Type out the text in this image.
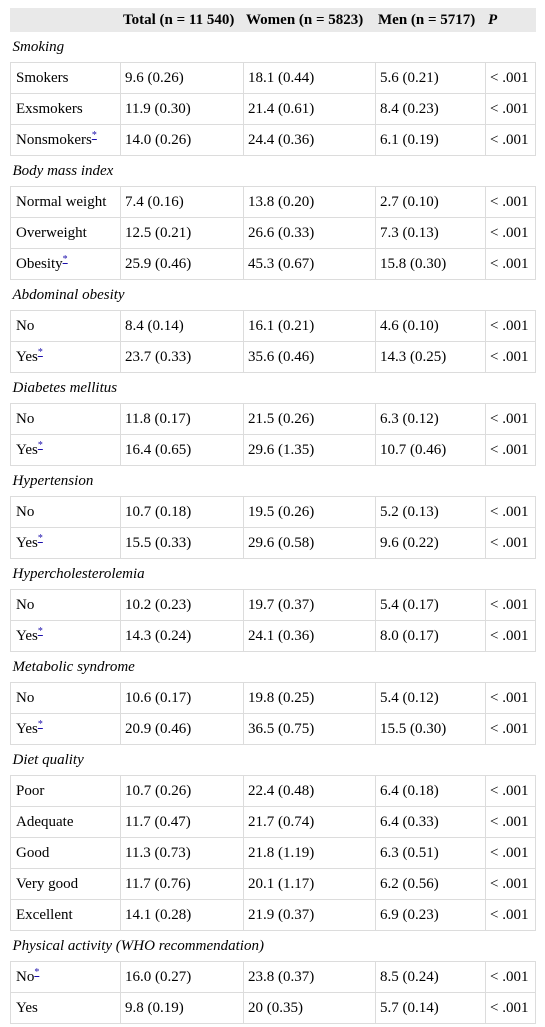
	Total (n = 11 540)	Women (n = 5823)	Men (n = 5717)	P
Smoking				
Smokers	9.6 (0.26)	18.1 (0.44)	5.6 (0.21)	< .001
Exsmokers	11.9 (0.30)	21.4 (0.61)	8.4 (0.23)	< .001
Nonsmokers*	14.0 (0.26)	24.4 (0.36)	6.1 (0.19)	< .001
Body mass index				
Normal weight	7.4 (0.16)	13.8 (0.20)	2.7 (0.10)	< .001
Overweight	12.5 (0.21)	26.6 (0.33)	7.3 (0.13)	< .001
Obesity*	25.9 (0.46)	45.3 (0.67)	15.8 (0.30)	< .001
Abdominal obesity				
No	8.4 (0.14)	16.1 (0.21)	4.6 (0.10)	< .001
Yes*	23.7 (0.33)	35.6 (0.46)	14.3 (0.25)	< .001
Diabetes mellitus				
No	11.8 (0.17)	21.5 (0.26)	6.3 (0.12)	< .001
Yes*	16.4 (0.65)	29.6 (1.35)	10.7 (0.46)	< .001
Hypertension				
No	10.7 (0.18)	19.5 (0.26)	5.2 (0.13)	< .001
Yes*	15.5 (0.33)	29.6 (0.58)	9.6 (0.22)	< .001
Hypercholesterolemia				
No	10.2 (0.23)	19.7 (0.37)	5.4 (0.17)	< .001
Yes*	14.3 (0.24)	24.1 (0.36)	8.0 (0.17)	< .001
Metabolic syndrome				
No	10.6 (0.17)	19.8 (0.25)	5.4 (0.12)	< .001
Yes*	20.9 (0.46)	36.5 (0.75)	15.5 (0.30)	< .001
Diet quality				
Poor	10.7 (0.26)	22.4 (0.48)	6.4 (0.18)	< .001
Adequate	11.7 (0.47)	21.7 (0.74)	6.4 (0.33)	< .001
Good	11.3 (0.73)	21.8 (1.19)	6.3 (0.51)	< .001
Very good	11.7 (0.76)	20.1 (1.17)	6.2 (0.56)	< .001
Excellent	14.1 (0.28)	21.9 (0.37)	6.9 (0.23)	< .001
Physical activity (WHO recommendation)				
No*	16.0 (0.27)	23.8 (0.37)	8.5 (0.24)	< .001
Yes	9.8 (0.19)	20 (0.35)	5.7 (0.14)	< .001
